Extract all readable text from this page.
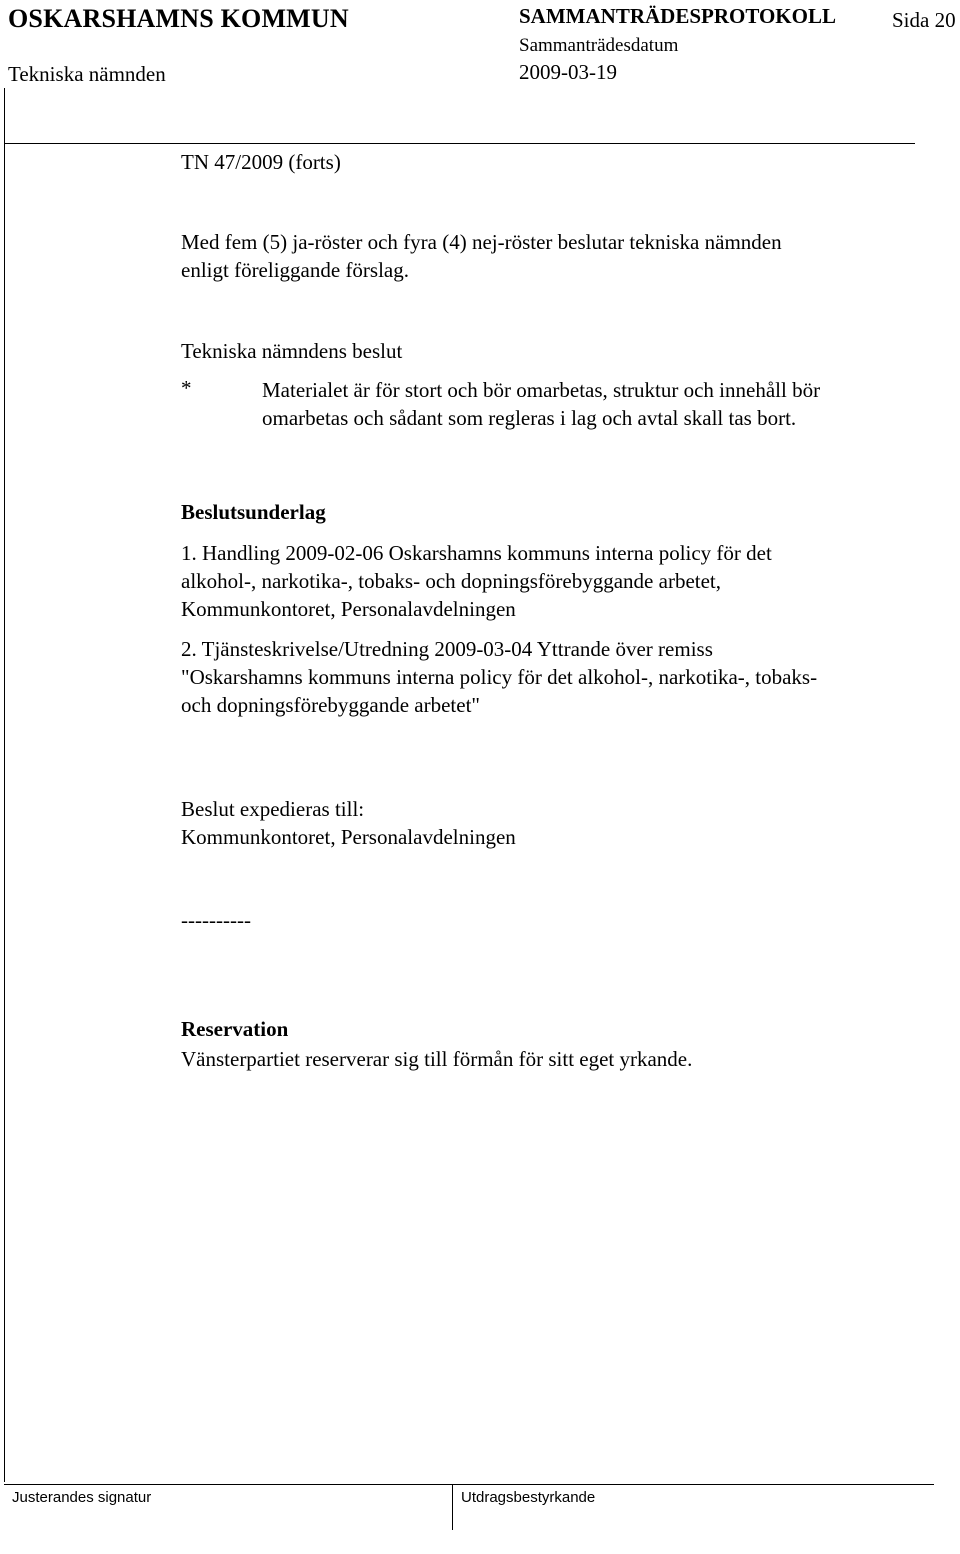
OSKARSHAMNS KOMMUN
Tekniska nämnden
SAMMANTRÄDESPROTOKOLL	Sida 20
Sammanträdesdatum
2009-03-19
TN 47/2009 (forts)

Med fem (5) ja-röster och fyra (4) nej-röster beslutar tekniska nämnden

enligt föreliggande förslag.

Tekniska nämndens beslut
*	Materialet är för stort och bör omarbetas, struktur och innehåll bör
omarbetas och sådant som regleras i lag och avtal skall tas bort.
Beslutsunderlag

1. Handling 2009-02-06 Oskarshamns kommuns interna policy för det

alkohol-, narkotika-, tobaks- och dopningsförebyggande arbetet,

Kommunkontoret, Personalavdelningen

2. Tjänsteskrivelse/Utredning 2009-03-04 Yttrande över remiss

"Oskarshamns kommuns interna policy för det alkohol-, narkotika-, tobaks-

och dopningsförebyggande arbetet"

Beslut expedieras till:
Kommunkontoret, Personalavdelningen
----------
Reservation
Vänsterpartiet reserverar sig till förmån för sitt eget yrkande.
Justerandes signatur	Utdragsbestyrkande
